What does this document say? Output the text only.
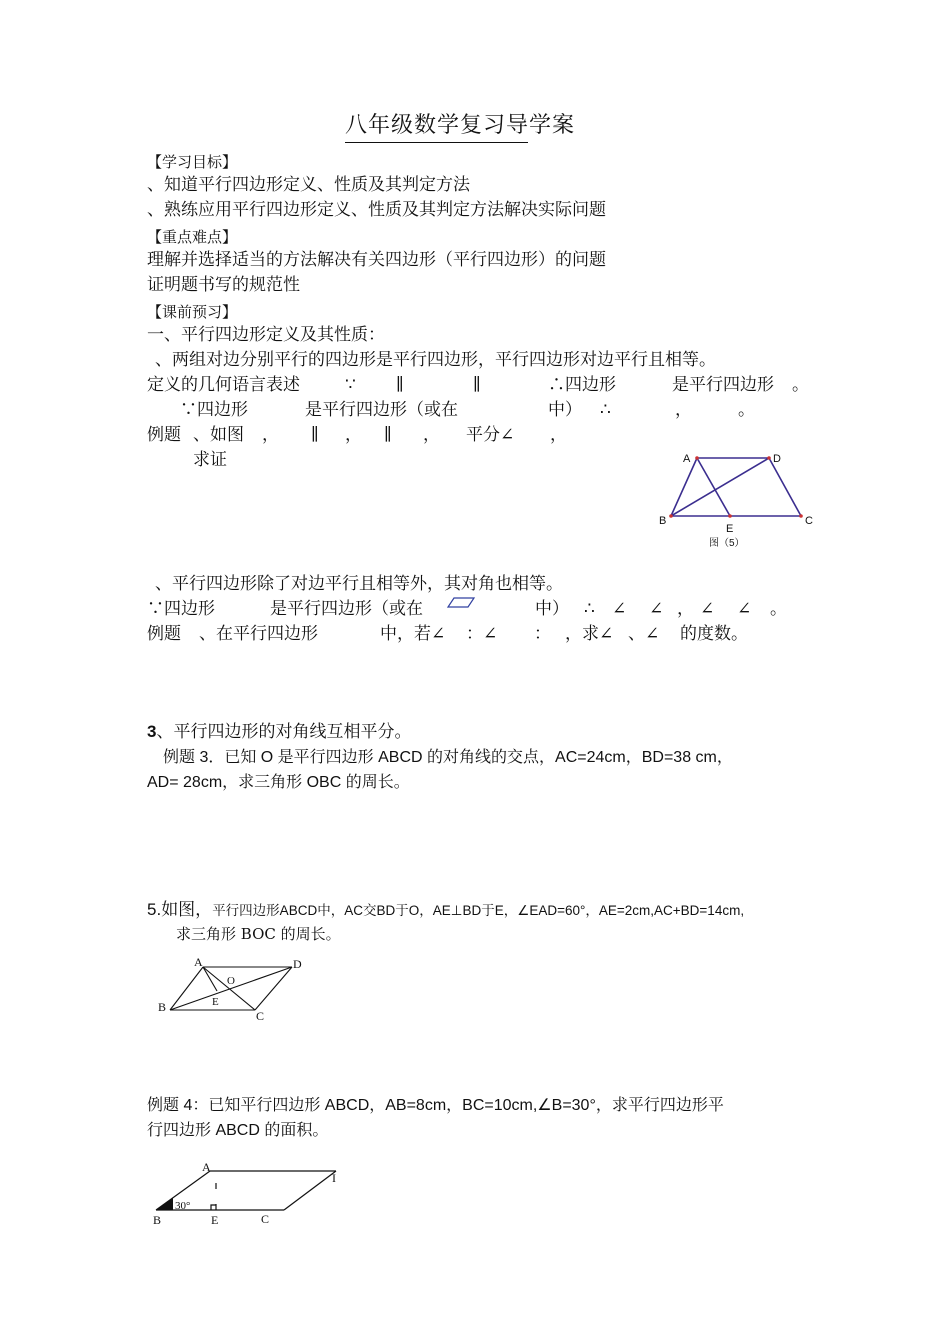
八年级数学复习导学案
【学习目标】
、知道平行四边形定义、性质及其判定方法
、熟练应用平行四边形定义、性质及其判定方法解决实际问题
【重点难点】
理解并选择适当的方法解决有关四边形（平行四边形）的问题
证明题书写的规范性
【课前预习】
一、平行四边形定义及其性质：
、两组对边分别平行的四边形是平行四边形，平行四边形对边平行且相等。
定义的几何语言表述	∵ ∥	∥	∴四边形	是平行四边形 。
∵四边形	是平行四边形（或在	中） ∴	，	。
例题 、如图 ， ∥ ， ∥ ， 平分∠ ，
求证	A	D
B
E
C
图（5）
、平行四边形除了对边平行且相等外，其对角也相等。
∵四边形	是平行四边形（或在	中） ∴ ∠ ∠ ， ∠ ∠ 。
例题 、在平行四边形	中，若∠ ：∠ ： ，求∠ 、∠ 的度数。
3、平行四边形的对角线互相平分。
例题 3．已知 O 是平行四边形 ABCD 的对角线的交点，AC=24cm，BD=38 cm，
AD= 28cm，求三角形 OBC 的周长。
5.如图，平行四边形ABCD中，AC交BD于O，AE⊥BD于E，∠EAD=60°，AE=2cm,AC+BD=14cm,
求三角形 BOC 的周长。
A
O
D
B	E
C
例题 4：已知平行四边形 ABCD，AB=8cm，BC=10cm,∠B=30°，求平行四边形平
行四边形 ABCD 的面积。
A
I
B	E	C
30°
